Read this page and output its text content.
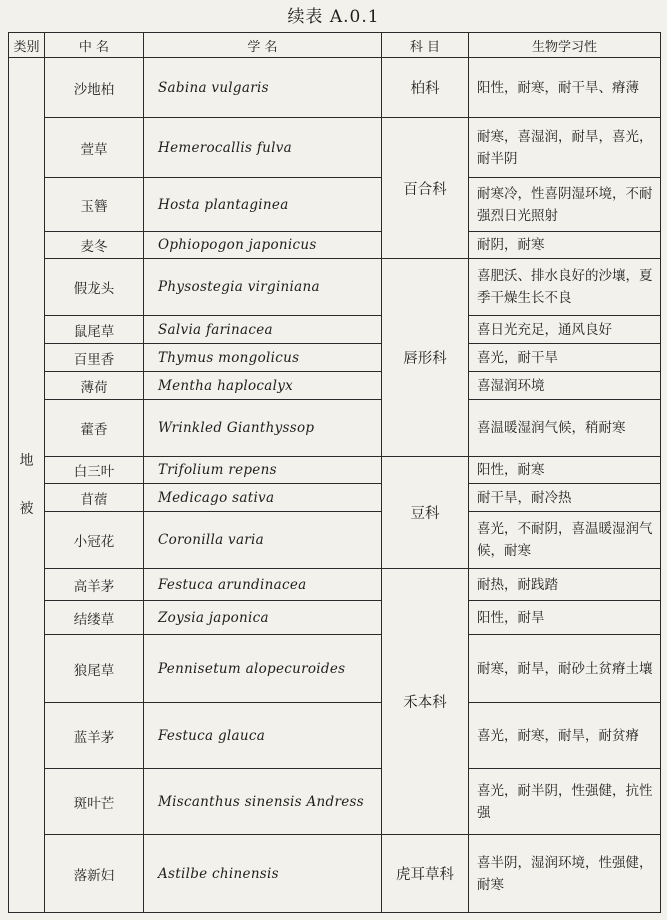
续表 A.0.1
类别	中 名	学 名	科 目	生物学习性

地
被	沙地柏	Sabina vulgaris	柏科	阳性，耐寒，耐干旱、瘠薄
	萱草	Hemerocallis fulva	百合科	耐寒，喜湿润，耐旱，喜光，耐半阴
	玉簪	Hosta plantaginea		耐寒冷，性喜阴湿环境，不耐强烈日光照射
	麦冬	Ophiopogon japonicus		耐阴，耐寒
	假龙头	Physostegia virginiana	唇形科	喜肥沃、排水良好的沙壤，夏季干燥生长不良
	鼠尾草	Salvia farinacea		喜日光充足，通风良好
	百里香	Thymus mongolicus		喜光，耐干旱
	薄荷	Mentha haplocalyx		喜湿润环境
	藿香	Wrinkled Gianthyssop		喜温暖湿润气候，稍耐寒
	白三叶	Trifolium repens	豆科	阳性，耐寒
	苜蓿	Medicago sativa		耐干旱，耐冷热
	小冠花	Coronilla varia		喜光，不耐阴，喜温暖湿润气候，耐寒
	高羊茅	Festuca arundinacea	禾本科	耐热，耐践踏
	结缕草	Zoysia japonica		阳性，耐旱
	狼尾草	Pennisetum alopecuroides		耐寒，耐旱，耐砂土贫瘠土壤
	蓝羊茅	Festuca glauca		喜光，耐寒，耐旱，耐贫瘠
	斑叶芒	Miscanthus sinensis Andress		喜光，耐半阴，性强健，抗性强
	落新妇	Astilbe chinensis	虎耳草科	喜半阴，湿润环境，性强健，耐寒
